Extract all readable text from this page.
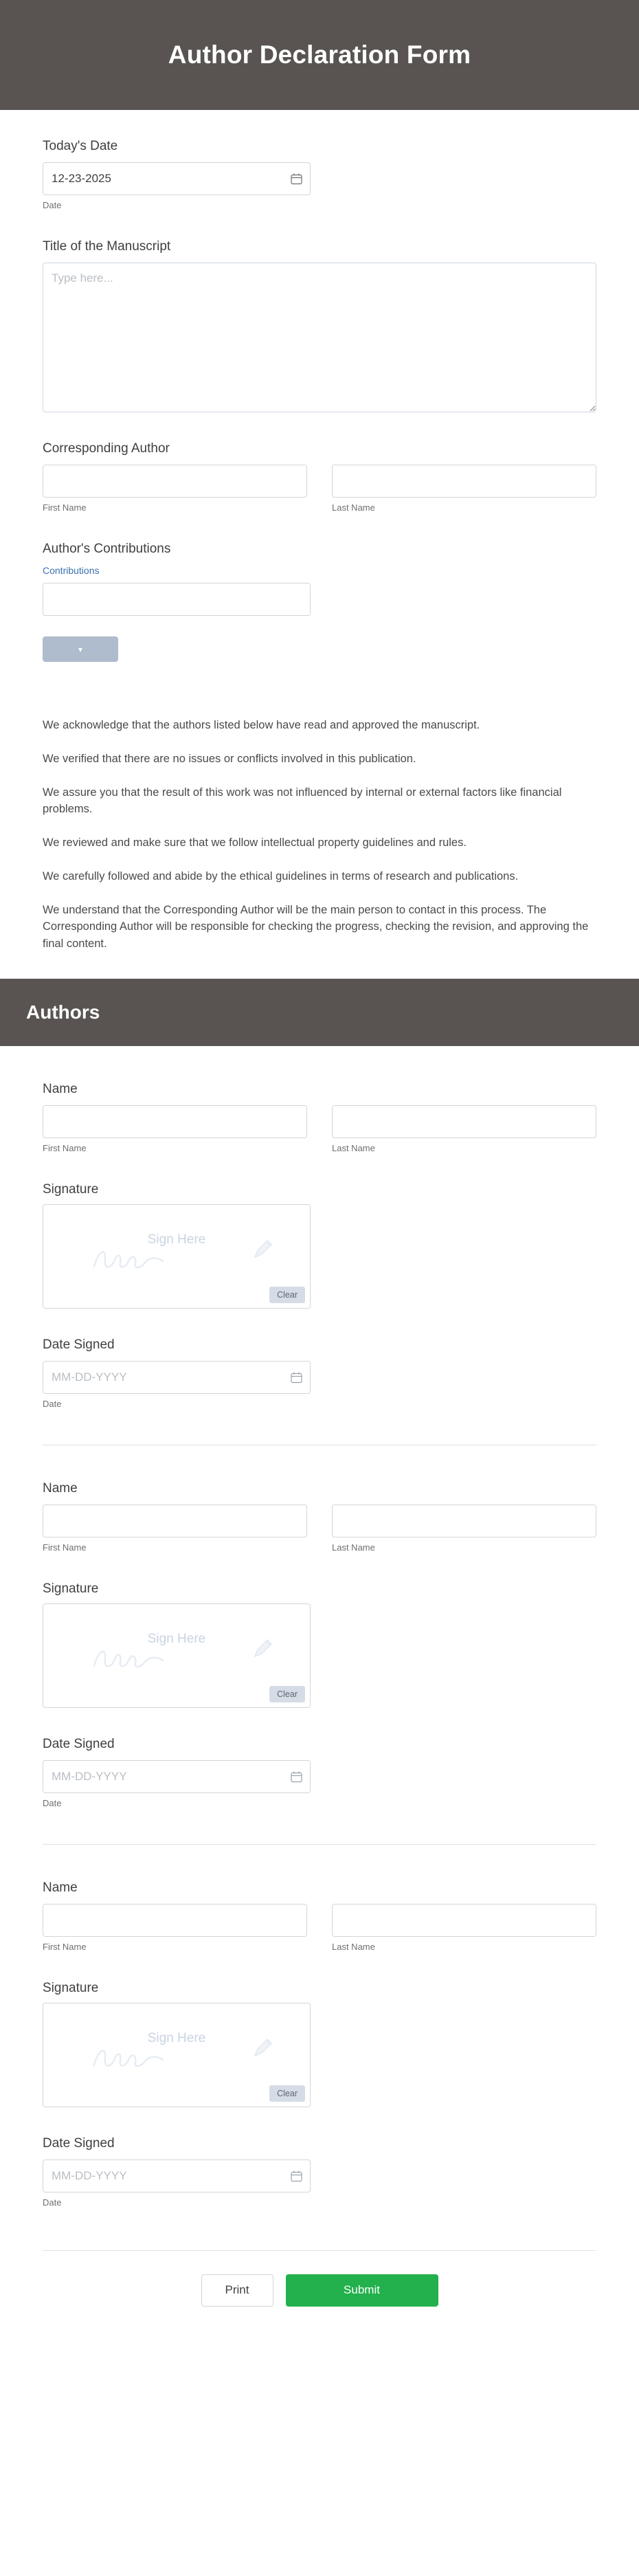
Author Declaration Form
Today's Date
12-23-2025
Date
Title of the Manuscript
Type here...
Corresponding Author
First Name	Last Name
Author's Contributions
Contributions
▾

We acknowledge that the authors listed below have read and approved the manuscript.

We verified that there are no issues or conflicts involved in this publication.

We assure you that the result of this work was not influenced by internal or external factors like financial problems.

We reviewed and make sure that we follow intellectual property guidelines and rules.

We carefully followed and abide by the ethical guidelines in terms of research and publications.

We understand that the Corresponding Author will be the main person to contact in this process. The Corresponding Author will be responsible for checking the progress, checking the revision, and approving the final content.

Authors
Name
First Name	Last Name
Signature
Sign Here
Clear
Date Signed
MM-DD-YYYY
Date
Name
First Name	Last Name
Signature
Sign Here
Clear
Date Signed
MM-DD-YYYY
Date
Name
First Name	Last Name
Signature
Sign Here
Clear
Date Signed
MM-DD-YYYY
Date
Print	Submit
